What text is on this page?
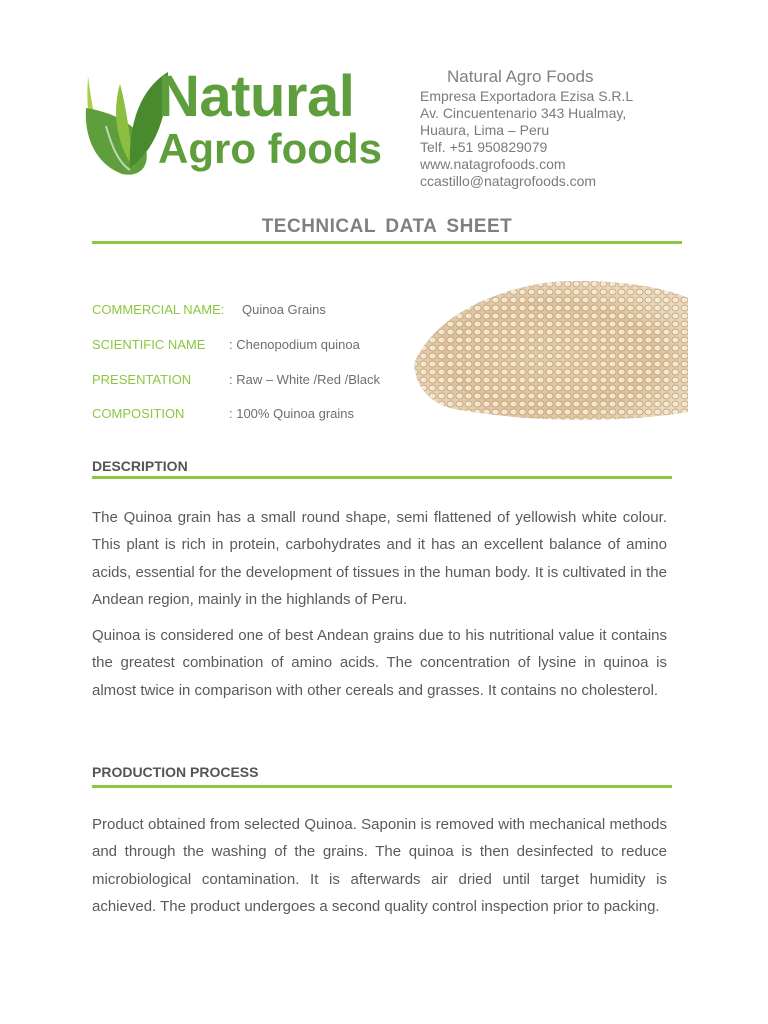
Natural
Agro foods
Natural Agro Foods
Empresa Exportadora Ezisa S.R.L
Av. Cincuentenario 343 Hualmay,
Huaura, Lima – Peru
Telf. +51 950829079
www.natagrofoods.com
ccastillo@natagrofoods.com
TECHNICAL DATA SHEET
COMMERCIAL NAME: Quinoa Grains
SCIENTIFIC NAME : Chenopodium quinoa
PRESENTATION	: Raw – White /Red /Black
COMPOSITION	: 100% Quinoa grains
DESCRIPTION

The Quinoa grain has a small round shape, semi flattened of yellowish white colour. This plant is rich in protein, carbohydrates and it has an excellent balance of amino acids, essential for the development of tissues in the human body. It is cultivated in the Andean region, mainly in the highlands of Peru.

Quinoa is considered one of best Andean grains due to his nutritional value it contains the greatest combination of amino acids. The concentration of lysine in quinoa is almost twice in comparison with other cereals and grasses. It contains no cholesterol.

PRODUCTION PROCESS

Product obtained from selected Quinoa. Saponin is removed with mechanical methods and through the washing of the grains. The quinoa is then desinfected to reduce microbiological contamination. It is afterwards air dried until target humidity is achieved. The product undergoes a second quality control inspection prior to packing.
